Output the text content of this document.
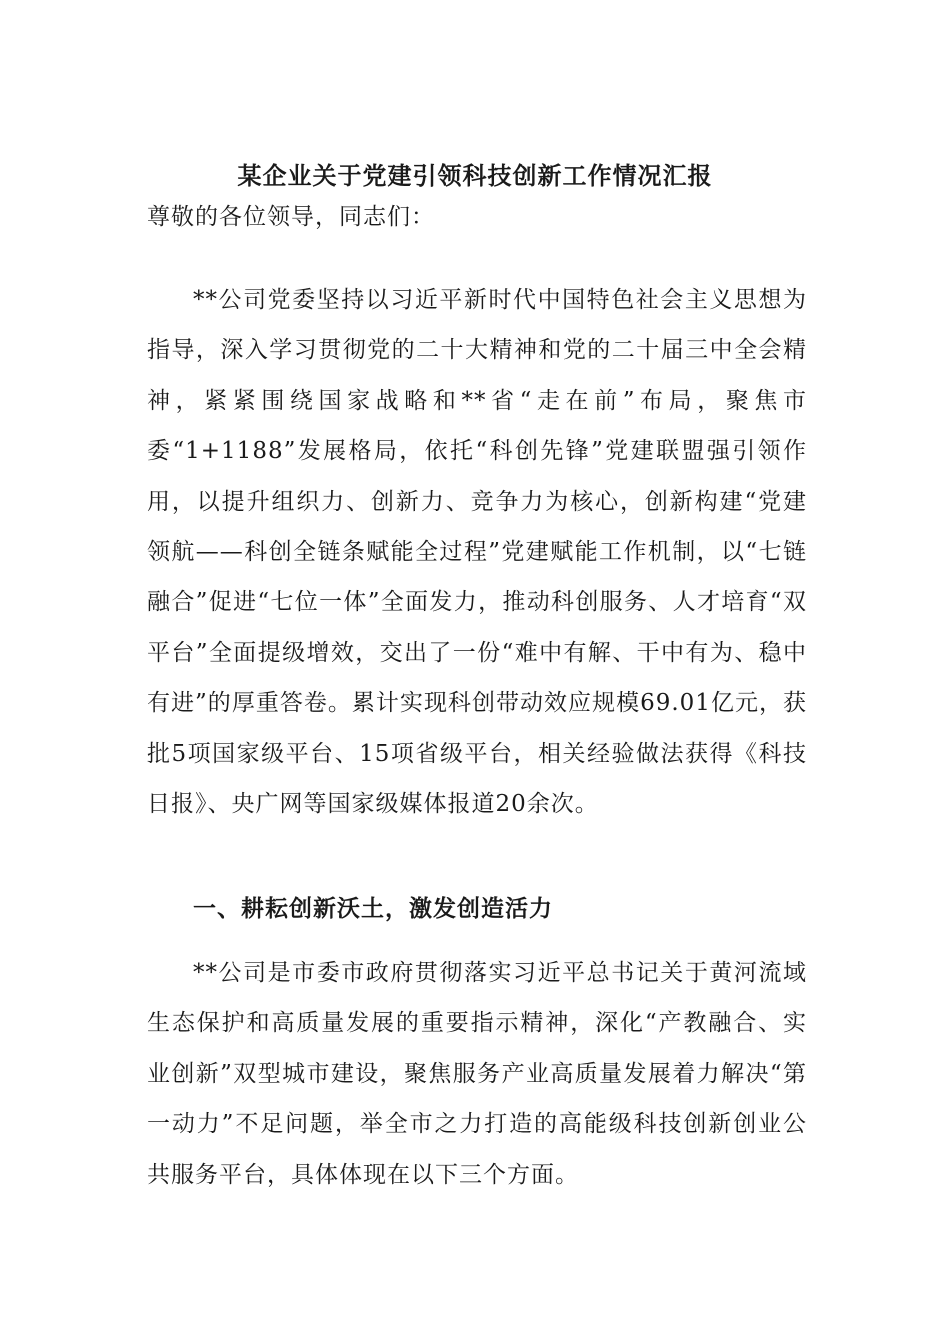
某企业关于党建引领科技创新工作情况汇报
尊敬的各位领导，同志们：
**公司党委坚持以习近平新时代中国特色社会主义思想为指导，深入学习贯彻党的二十大精神和党的二十届三中全会精神，紧紧围绕国家战略和**省“走在前”布局，聚焦市委“1+1188”发展格局，依托“科创先锋”党建联盟强引领作用，以提升组织力、创新力、竞争力为核心，创新构建“党建领航——科创全链条赋能全过程”党建赋能工作机制，以“七链融合”促进“七位一体”全面发力，推动科创服务、人才培育“双平台”全面提级增效，交出了一份“难中有解、干中有为、稳中有进”的厚重答卷。累计实现科创带动效应规模69.01亿元，获批5项国家级平台、15项省级平台，相关经验做法获得《科技日报》、央广网等国家级媒体报道20余次。
一、耕耘创新沃土，激发创造活力
**公司是市委市政府贯彻落实习近平总书记关于黄河流域生态保护和高质量发展的重要指示精神，深化“产教融合、实业创新”双型城市建设，聚焦服务产业高质量发展着力解决“第一动力”不足问题，举全市之力打造的高能级科技创新创业公共服务平台，具体体现在以下三个方面。
